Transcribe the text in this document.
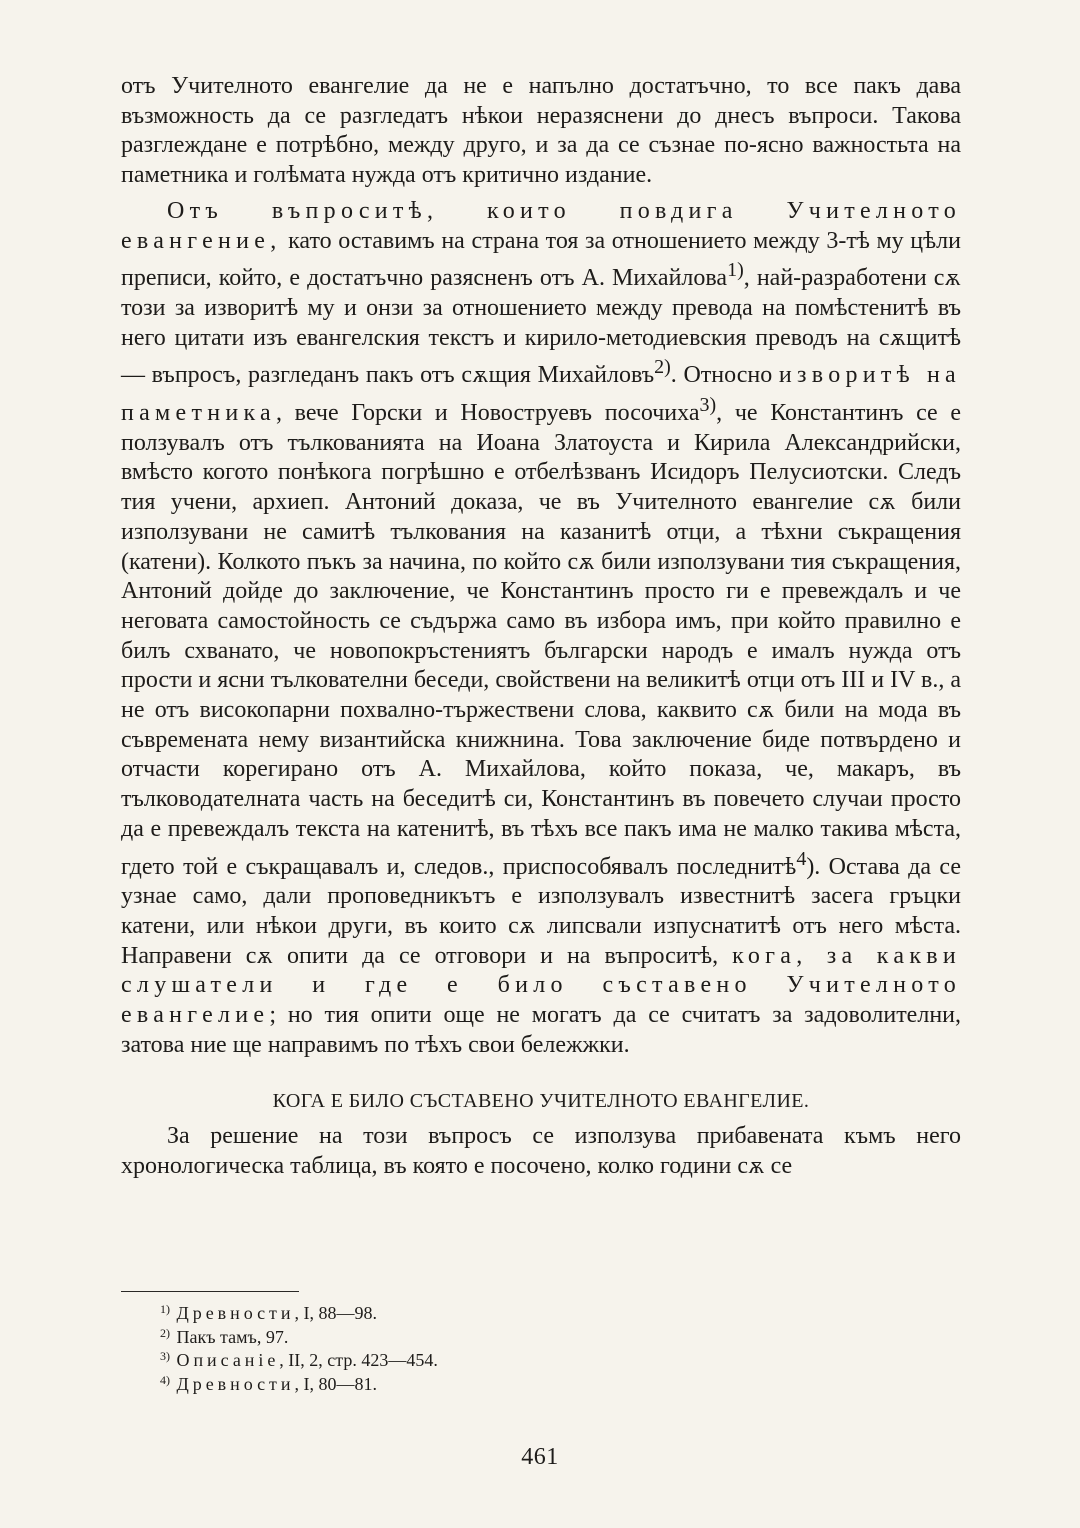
отъ Учителното евангелие да не е напълно достатъчно, то все пакъ дава възможность да се разгледатъ нѣкои неразяснени до днесъ въпроси. Такова разглеждане е потрѣбно, между друго, и за да се съзнае по-ясно важностьта на паметника и голѣмата нужда отъ критично издание.

Отъ въпроситѣ, които повдига Учителното евангение, като оставимъ на страна тоя за отношението между 3-тѣ му цѣли преписи, който, е достатъчно разясненъ отъ А. Михайлова$^{1)}$, най-разработени сѫ този за изворитѣ му и онзи за отношението между превода на помѣстенитѣ въ него цитати изъ евангелския текстъ и кирило-методиевския преводъ на сѫщитѣ — въпросъ, разгледанъ пакъ отъ сѫщия Михайловъ$^{2)}$. Относно изворитѣ на паметника, вече Горски и Новоструевъ посочиха$^{3)}$, че Константинъ се е ползувалъ отъ тълкованията на Иоана Златоуста и Кирила Александрийски, вмѣсто когото понѣкога погрѣшно е отбелѣзванъ Исидоръ Пелусиотски. Следъ тия учени, архиеп. Антоний доказа, че въ Учителното евангелие сѫ били използувани не самитѣ тълкования на казанитѣ отци, а тѣхни съкращения (катени). Колкото пъкъ за начина, по който сѫ били използувани тия съкращения, Антоний дойде до заключение, че Константинъ просто ги е превеждалъ и че неговата самостойность се съдържа само въ избора имъ, при който правилно е билъ схванато, че новопокръстениятъ български народъ е ималъ нужда отъ прости и ясни тълкователни беседи, свойствени на великитѣ отци отъ III и IV в., а не отъ високопарни похвално-тържествени слова, каквито сѫ били на мода въ съвремената нему византийска книжнина. Това заключение биде потвърдено и отчасти корегирано отъ А. Михайлова, който показа, че, макаръ, въ тълководателната часть на беседитѣ си, Константинъ въ повечето случаи просто да е превеждалъ текста на катенитѣ, въ тѣхъ все пакъ има не малко такива мѣста, гдето той е съкращавалъ и, следов., приспособявалъ последнитѣ$^4$). Остава да се узнае само, дали проповедникътъ е използувалъ известнитѣ засега гръцки катени, или нѣкои други, въ които сѫ липсвали изпуснатитѣ отъ него мѣста. Направени сѫ опити да се отговори и на въпроситѣ, кога, за какви слушатели и где е било съставено Учителното евангелие; но тия опити още не могатъ да се считатъ за задоволителни, затова ние ще направимъ по тѣхъ свои бележжки.

КОГА Е БИЛО СЪСТАВЕНО УЧИТЕЛНОТО ЕВАНГЕЛИЕ.

За решение на този въпросъ се използува прибавената къмъ него хронологическа таблица, въ която е посочено, колко години сѫ се

$^{1)}$ Древности, I, 88—98.
$^{2)}$ Пакъ тамъ, 97.
$^{3)}$ Описанiе, II, 2, стр. 423—454.
$^{4)}$ Древности, I, 80—81.
461
